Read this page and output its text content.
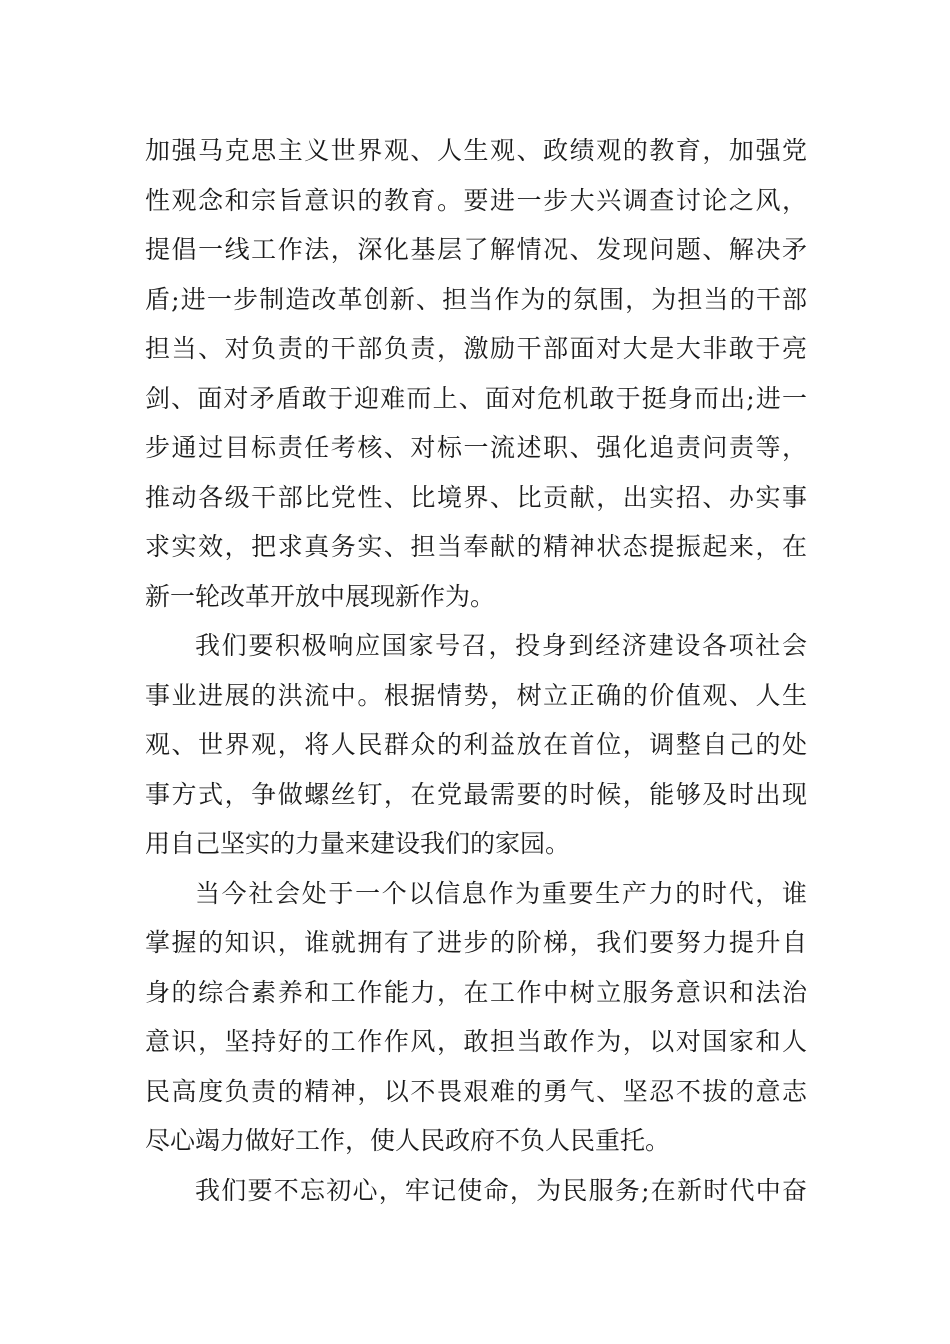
加强马克思主义世界观、人生观、政绩观的教育，加强党
性观念和宗旨意识的教育。要进一步大兴调查讨论之风，
提倡一线工作法，深化基层了解情况、发现问题、解决矛
盾;进一步制造改革创新、担当作为的氛围，为担当的干部
担当、对负责的干部负责，激励干部面对大是大非敢于亮
剑、面对矛盾敢于迎难而上、面对危机敢于挺身而出;进一
步通过目标责任考核、对标一流述职、强化追责问责等，
推动各级干部比党性、比境界、比贡献，出实招、办实事
求实效，把求真务实、担当奉献的精神状态提振起来，在
新一轮改革开放中展现新作为。
我们要积极响应国家号召，投身到经济建设各项社会
事业进展的洪流中。根据情势，树立正确的价值观、人生
观、世界观，将人民群众的利益放在首位，调整自己的处
事方式，争做螺丝钉，在党最需要的时候，能够及时出现
用自己坚实的力量来建设我们的家园。
当今社会处于一个以信息作为重要生产力的时代，谁
掌握的知识，谁就拥有了进步的阶梯，我们要努力提升自
身的综合素养和工作能力，在工作中树立服务意识和法治
意识，坚持好的工作作风，敢担当敢作为，以对国家和人
民高度负责的精神，以不畏艰难的勇气、坚忍不拔的意志
尽心竭力做好工作，使人民政府不负人民重托。
我们要不忘初心，牢记使命，为民服务;在新时代中奋
